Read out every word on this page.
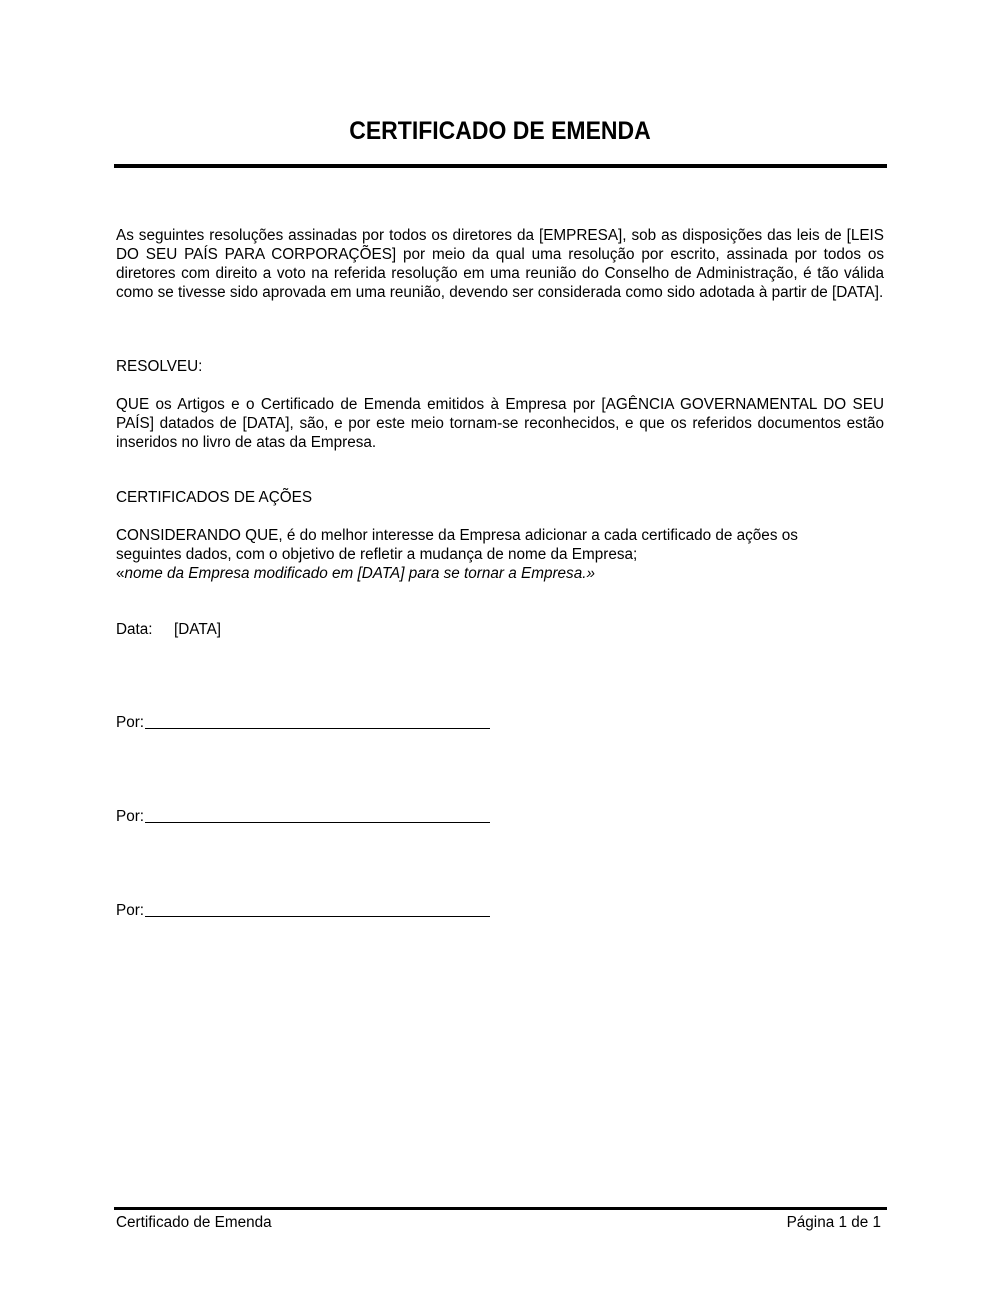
CERTIFICADO DE EMENDA
As seguintes resoluções assinadas por todos os diretores da [EMPRESA], sob as disposições das leis de [LEIS DO SEU PAÍS PARA CORPORAÇÕES] por meio da qual uma resolução por escrito, assinada por todos os diretores com direito a voto na referida resolução em uma reunião do Conselho de Administração, é tão válida como se tivesse sido aprovada em uma reunião, devendo ser considerada como sido adotada à partir de [DATA].
RESOLVEU:
QUE os Artigos e o Certificado de Emenda emitidos à Empresa por [AGÊNCIA GOVERNAMENTAL DO SEU PAÍS] datados de [DATA], são, e por este meio tornam-se reconhecidos, e que os referidos documentos estão inseridos no livro de atas da Empresa.
CERTIFICADOS DE AÇÕES
CONSIDERANDO QUE, é do melhor interesse da Empresa adicionar a cada certificado de ações os
seguintes dados, com o objetivo de refletir a mudança de nome da Empresa;
«nome da Empresa modificado em [DATA] para se tornar a Empresa.»
Data: [DATA]
Por:
Por:
Por:
Certificado de Emenda	Página 1 de 1
